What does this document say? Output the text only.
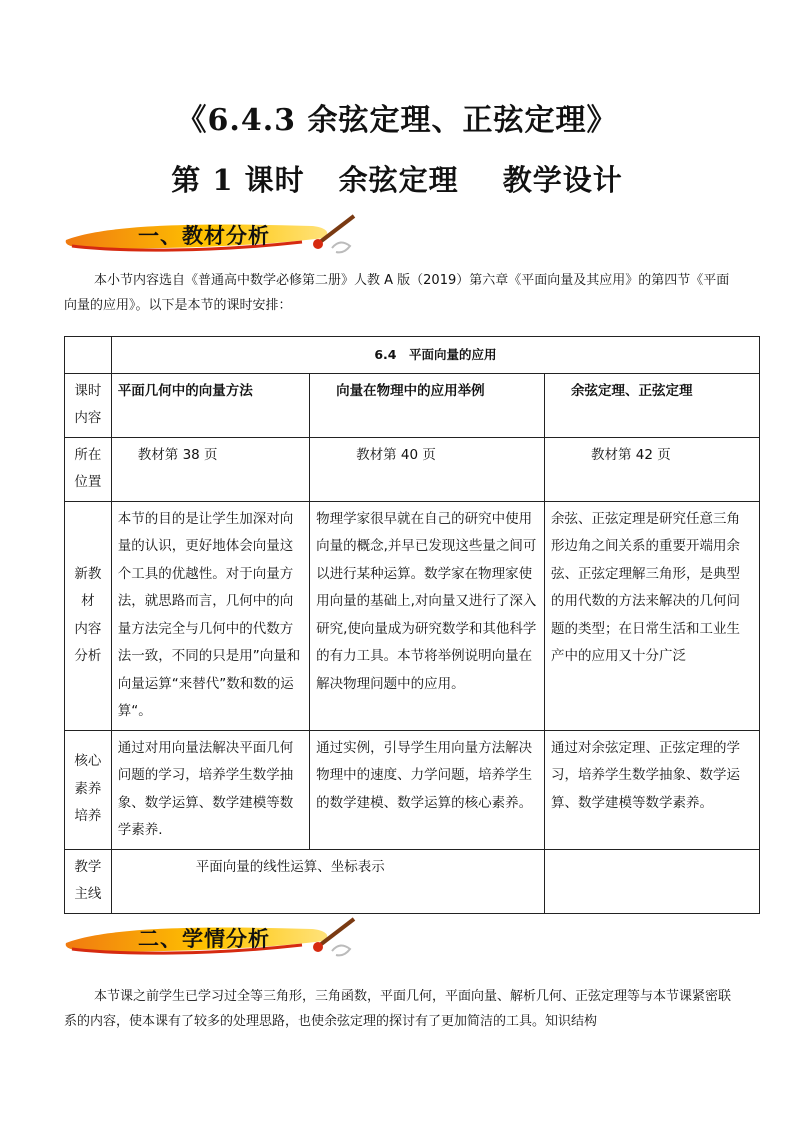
《6.4.3 余弦定理、正弦定理》
第 1 课时 余弦定理 教学设计
一、教材分析
本小节内容选自《普通高中数学必修第二册》人教 A 版（2019）第六章《平面向量及其应用》的第四节《平面向量的应用》。以下是本节的课时安排：
	6.4　平面向量的应用		
课时
内容	平面几何中的向量方法	向量在物理中的应用举例	余弦定理、正弦定理
所在
位置	教材第 38 页	教材第 40 页	教材第 42 页
新教
材
内容
分析	本节的目的是让学生加深对向量的认识，更好地体会向量这个工具的优越性。对于向量方法，就思路而言，几何中的向量方法完全与几何中的代数方法一致，不同的只是用”向量和向量运算“来替代”数和数的运算“。	物理学家很早就在自己的研究中使用向量的概念,并早已发现这些量之间可以进行某种运算。数学家在物理家使用向量的基础上,对向量又进行了深入研究,使向量成为研究数学和其他科学的有力工具。本节将举例说明向量在解决物理问题中的应用。	余弦、正弦定理是研究任意三角形边角之间关系的重要开端用余弦、正弦定理解三角形，是典型的用代数的方法来解决的几何问题的类型；在日常生活和工业生产中的应用又十分广泛
核心
素养
培养	通过对用向量法解决平面几何问题的学习，培养学生数学抽象、数学运算、数学建模等数学素养.	通过实例，引导学生用向量方法解决物理中的速度、力学问题，培养学生的数学建模、数学运算的核心素养。	通过对余弦定理、正弦定理的学习，培养学生数学抽象、数学运算、数学建模等数学素养。
教学
主线	平面向量的线性运算、坐标表示		
二、学情分析
本节课之前学生已学习过全等三角形，三角函数，平面几何，平面向量、解析几何、正弦定理等与本节课紧密联系的内容，使本课有了较多的处理思路，也使余弦定理的探讨有了更加简洁的工具。知识结构
